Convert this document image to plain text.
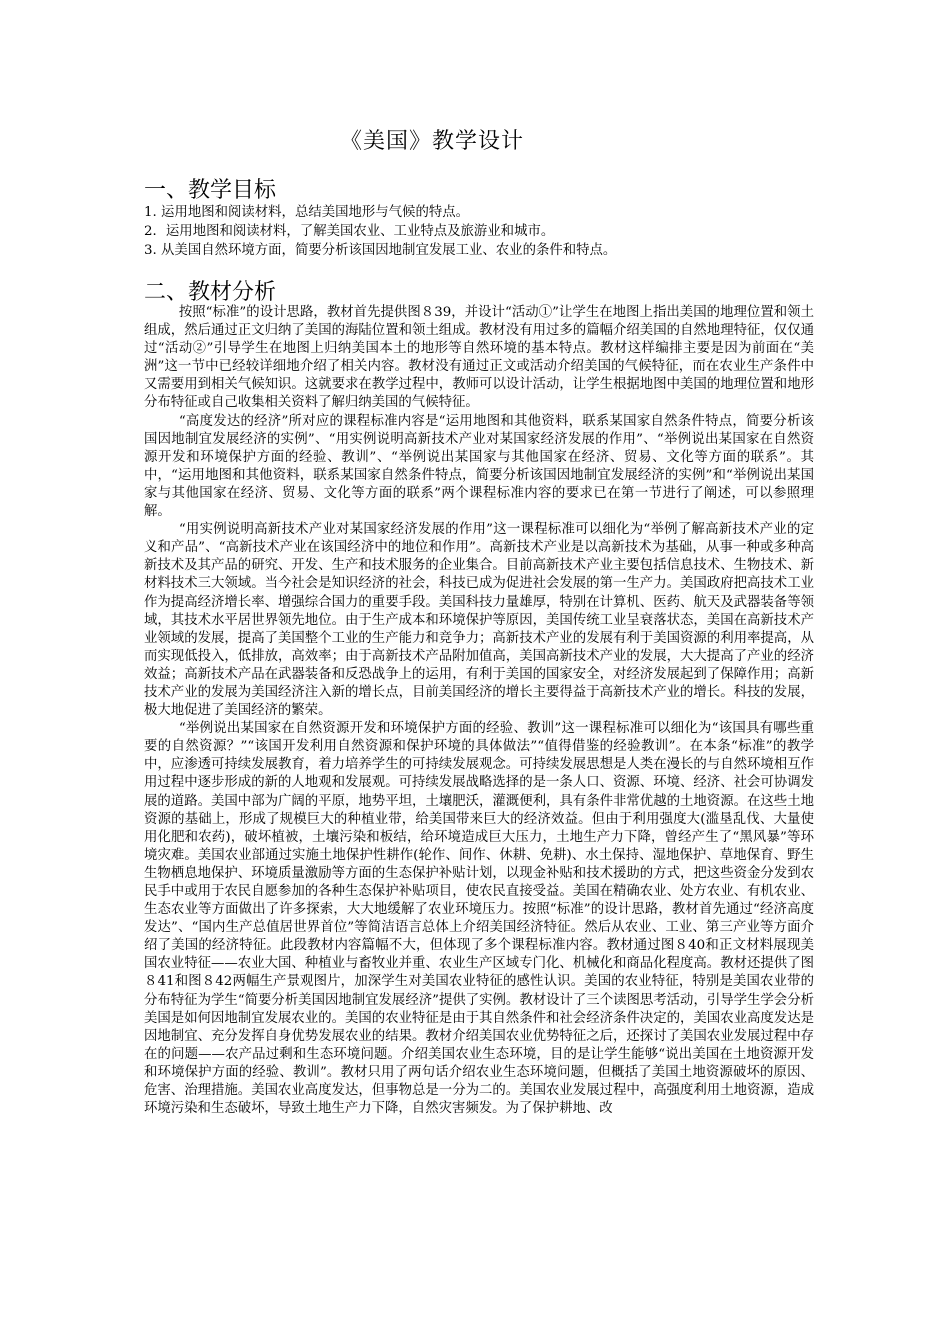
《美国》教学设计
一、教学目标
1. 运用地图和阅读材料，总结美国地形与气候的特点。
2．运用地图和阅读材料，了解美国农业、工业特点及旅游业和城市。
3. 从美国自然环境方面，简要分析该国因地制宜发展工业、农业的条件和特点。
二、教材分析

按照“标准”的设计思路，教材首先提供图８39，并设计“活动①”让学生在地图上指出美国的地理位置和领土组成，然后通过正文归纳了美国的海陆位置和领土组成。教材没有用过多的篇幅介绍美国的自然地理特征，仅仅通过“活动②”引导学生在地图上归纳美国本土的地形等自然环境的基本特点。教材这样编排主要是因为前面在“美洲”这一节中已经较详细地介绍了相关内容。教材没有通过正文或活动介绍美国的气候特征，而在农业生产条件中又需要用到相关气候知识。这就要求在教学过程中，教师可以设计活动，让学生根据地图中美国的地理位置和地形分布特征或自己收集相关资料了解归纳美国的气候特征。

“高度发达的经济”所对应的课程标准内容是“运用地图和其他资料，联系某国家自然条件特点，简要分析该国因地制宜发展经济的实例”、“用实例说明高新技术产业对某国家经济发展的作用”、“举例说出某国家在自然资源开发和环境保护方面的经验、教训”、“举例说出某国家与其他国家在经济、贸易、文化等方面的联系”。其中，“运用地图和其他资料，联系某国家自然条件特点，简要分析该国因地制宜发展经济的实例”和“举例说出某国家与其他国家在经济、贸易、文化等方面的联系”两个课程标准内容的要求已在第一节进行了阐述，可以参照理解。

“用实例说明高新技术产业对某国家经济发展的作用”这一课程标准可以细化为“举例了解高新技术产业的定义和产品”、“高新技术产业在该国经济中的地位和作用”。高新技术产业是以高新技术为基础，从事一种或多种高新技术及其产品的研究、开发、生产和技术服务的企业集合。目前高新技术产业主要包括信息技术、生物技术、新材料技术三大领域。当今社会是知识经济的社会，科技已成为促进社会发展的第一生产力。美国政府把高技术工业作为提高经济增长率、增强综合国力的重要手段。美国科技力量雄厚，特别在计算机、医药、航天及武器装备等领域，其技术水平居世界领先地位。由于生产成本和环境保护等原因，美国传统工业呈衰落状态，美国在高新技术产业领域的发展，提高了美国整个工业的生产能力和竞争力；高新技术产业的发展有利于美国资源的利用率提高，从而实现低投入，低排放，高效率；由于高新技术产品附加值高，美国高新技术产业的发展，大大提高了产业的经济效益；高新技术产品在武器装备和反恐战争上的运用，有利于美国的国家安全，对经济发展起到了保障作用；高新技术产业的发展为美国经济注入新的增长点，目前美国经济的增长主要得益于高新技术产业的增长。科技的发展，极大地促进了美国经济的繁荣。

“举例说出某国家在自然资源开发和环境保护方面的经验、教训”这一课程标准可以细化为“该国具有哪些重要的自然资源？”“该国开发利用自然资源和保护环境的具体做法”“值得借鉴的经验教训”。在本条“标准”的教学中，应渗透可持续发展教育，着力培养学生的可持续发展观念。可持续发展思想是人类在漫长的与自然环境相互作用过程中逐步形成的新的人地观和发展观。可持续发展战略选择的是一条人口、资源、环境、经济、社会可协调发展的道路。美国中部为广阔的平原，地势平坦，土壤肥沃，灌溉便利，具有条件非常优越的土地资源。在这些土地资源的基础上，形成了规模巨大的种植业带，给美国带来巨大的经济效益。但由于利用强度大(滥垦乱伐、大量使用化肥和农药)，破坏植被，土壤污染和板结，给环境造成巨大压力，土地生产力下降，曾经产生了“黑风暴”等环境灾难。美国农业部通过实施土地保护性耕作(轮作、间作、休耕、免耕)、水土保持、湿地保护、草地保育、野生生物栖息地保护、环境质量激励等方面的生态保护补贴计划，以现金补贴和技术援助的方式，把这些资金分发到农民手中或用于农民自愿参加的各种生态保护补贴项目，使农民直接受益。美国在精确农业、处方农业、有机农业、生态农业等方面做出了许多探索，大大地缓解了农业环境压力。按照“标准”的设计思路，教材首先通过“经济高度发达”、“国内生产总值居世界首位”等简洁语言总体上介绍美国经济特征。然后从农业、工业、第三产业等方面介绍了美国的经济特征。此段教材内容篇幅不大，但体现了多个课程标准内容。教材通过图８40和正文材料展现美国农业特征——农业大国、种植业与畜牧业并重、农业生产区域专门化、机械化和商品化程度高。教材还提供了图８41和图８42两幅生产景观图片，加深学生对美国农业特征的感性认识。美国的农业特征，特别是美国农业带的分布特征为学生“简要分析美国因地制宜发展经济”提供了实例。教材设计了三个读图思考活动，引导学生学会分析美国是如何因地制宜发展农业的。美国的农业特征是由于其自然条件和社会经济条件决定的，美国农业高度发达是因地制宜、充分发挥自身优势发展农业的结果。教材介绍美国农业优势特征之后，还探讨了美国农业发展过程中存在的问题——农产品过剩和生态环境问题。介绍美国农业生态环境，目的是让学生能够“说出美国在土地资源开发和环境保护方面的经验、教训”。教材只用了两句话介绍农业生态环境问题，但概括了美国土地资源破坏的原因、危害、治理措施。美国农业高度发达，但事物总是一分为二的。美国农业发展过程中，高强度利用土地资源，造成环境污染和生态破坏，导致土地生产力下降，自然灾害频发。为了保护耕地、改
